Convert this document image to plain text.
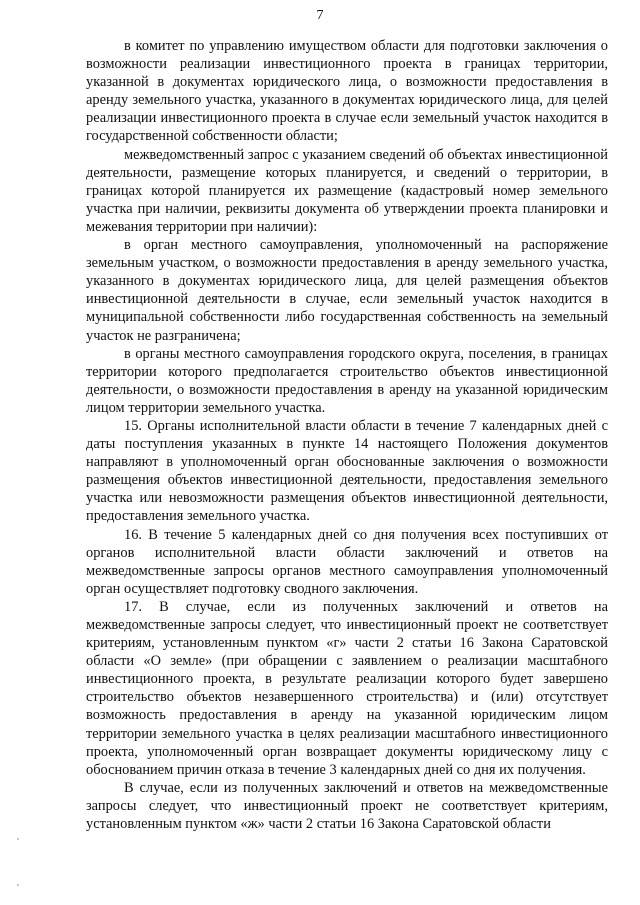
7

в комитет по управлению имуществом области для подготовки заключения о возможности реализации инвестиционного проекта в границах территории, указанной в документах юридического лица, о возможности предоставления в аренду земельного участка, указанного в документах юридического лица, для целей реализации инвестиционного проекта в случае если земельный участок находится в государственной собственности области;

межведомственный запрос с указанием сведений об объектах инвестиционной деятельности, размещение которых планируется, и сведений о территории, в границах которой планируется их размещение (кадастровый номер земельного участка при наличии, реквизиты документа об утверждении проекта планировки и межевания территории при наличии):

в орган местного самоуправления, уполномоченный на распоряжение земельным участком, о возможности предоставления в аренду земельного участка, указанного в документах юридического лица, для целей размещения объектов инвестиционной деятельности в случае, если земельный участок находится в муниципальной собственности либо государственная собственность на земельный участок не разграничена;

в органы местного самоуправления городского округа, поселения, в границах территории которого предполагается строительство объектов инвестиционной деятельности, о возможности предоставления в аренду на указанной юридическим лицом территории земельного участка.

15. Органы исполнительной власти области в течение 7 календарных дней с даты поступления указанных в пункте 14 настоящего Положения документов направляют в уполномоченный орган обоснованные заключения о возможности размещения объектов инвестиционной деятельности, предоставления земельного участка или невозможности размещения объектов инвестиционной деятельности, предоставления земельного участка.

16. В течение 5 календарных дней со дня получения всех поступивших от органов исполнительной власти области заключений и ответов на межведомственные запросы органов местного самоуправления уполномоченный орган осуществляет подготовку сводного заключения.

17. В случае, если из полученных заключений и ответов на межведомственные запросы следует, что инвестиционный проект не соответствует критериям, установленным пунктом «г» части 2 статьи 16 Закона Саратовской области «О земле» (при обращении с заявлением о реализации масштабного инвестиционного проекта, в результате реализации которого будет завершено строительство объектов незавершенного строительства) и (или) отсутствует возможность предоставления в аренду на указанной юридическим лицом территории земельного участка в целях реализации масштабного инвестиционного проекта, уполномоченный орган возвращает документы юридическому лицу с обоснованием причин отказа в течение 3 календарных дней со дня их получения.

В случае, если из полученных заключений и ответов на межведомственные запросы следует, что инвестиционный проект не соответствует критериям, установленным пунктом «ж» части 2 статьи 16 Закона Саратовской области
